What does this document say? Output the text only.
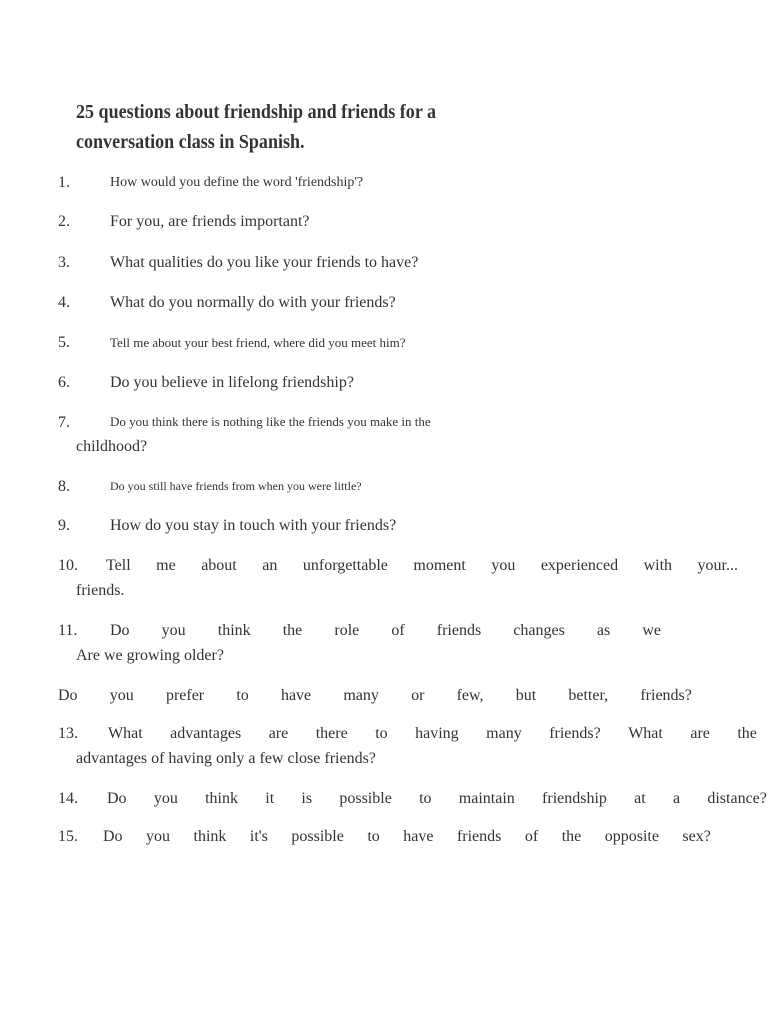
25 questions about friendship and friends for a conversation class in Spanish.
1.	How would you define the word 'friendship'?
2.	For you, are friends important?
3.	What qualities do you like your friends to have?
4.	What do you normally do with your friends?
5.	Tell me about your best friend, where did you meet him?
6.	Do you believe in lifelong friendship?
7.	Do you think there is nothing like the friends you make in the
childhood?
8.	Do you still have friends from when you were little?
9.	How do you stay in touch with your friends?
10. Tell me about an unforgettable moment you experienced with your...
friends.
11. Do you think the role of friends changes as we
Are we growing older?
Do you prefer to have many or few, but better, friends?
13. What advantages are there to having many friends? What are the
advantages of having only a few close friends?
14. Do you think it is possible to maintain friendship at a distance?
15. Do you think it's possible to have friends of the opposite sex?
